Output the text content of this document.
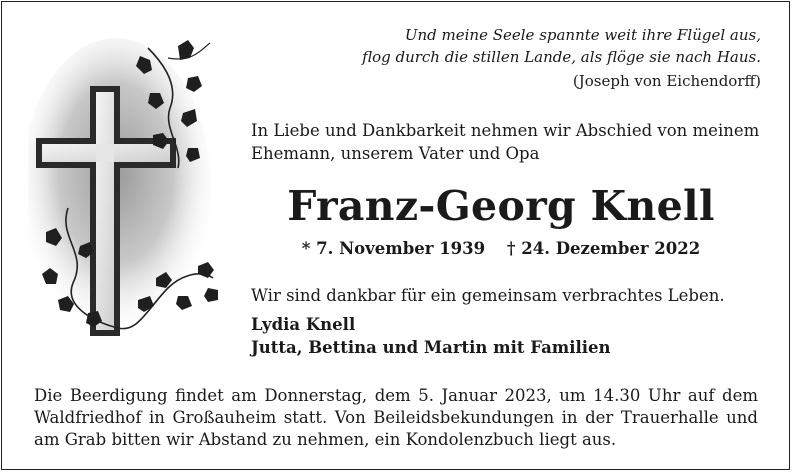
Und meine Seele spannte weit ihre Flügel aus,
flog durch die stillen Lande, als flöge sie nach Haus.
(Joseph von Eichendorff)
In Liebe und Dankbarkeit nehmen wir Abschied von meinem
Ehemann, unserem Vater und Opa
Franz-Georg Knell
* 7. November 1939 † 24. Dezember 2022
Wir sind dankbar für ein gemeinsam verbrachtes Leben.
Lydia Knell
Jutta, Bettina und Martin mit Familien
Die Beerdigung findet am Donnerstag, dem 5. Januar 2023, um 14.30 Uhr auf dem
Waldfriedhof in Großauheim statt. Von Beileidsbekundungen in der Trauerhalle und
am Grab bitten wir Abstand zu nehmen, ein Kondolenzbuch liegt aus.
